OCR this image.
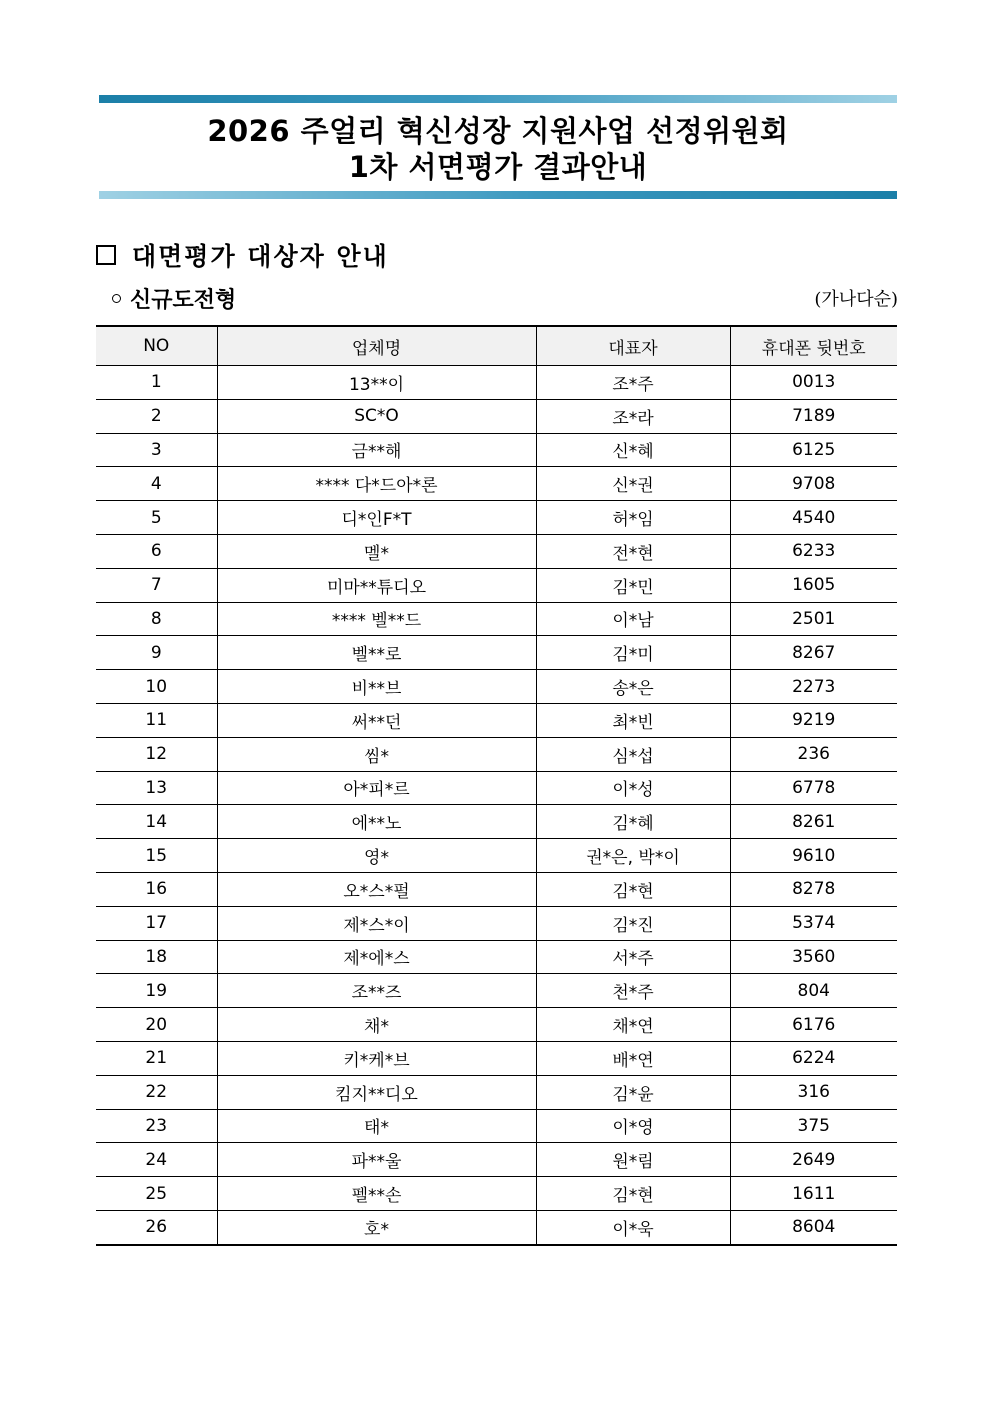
2026 주얼리 혁신성장 지원사업 선정위원회
1차 서면평가 결과안내
대면평가 대상자 안내
신규도전형	(가나다순)
NO	업체명	대표자	휴대폰 뒷번호
1	13**이	조*주	0013
2	SC*O	조*라	7189
3	금**해	신*혜	6125
4	**** 다*드아*론	신*권	9708
5	디*인F*T	허*임	4540
6	멜*	전*현	6233
7	미마**튜디오	김*민	1605
8	**** 벨**드	이*남	2501
9	벨**로	김*미	8267
10	비**브	송*은	2273
11	써**던	최*빈	9219
12	씸*	심*섭	236
13	아*피*르	이*성	6778
14	에**노	김*혜	8261
15	영*	권*은, 박*이	9610
16	오*스*펄	김*현	8278
17	제*스*이	김*진	5374
18	제*에*스	서*주	3560
19	조**즈	천*주	804
20	채*	채*연	6176
21	키*케*브	배*연	6224
22	킴지**디오	김*윤	316
23	태*	이*영	375
24	파**울	원*림	2649
25	펠**손	김*현	1611
26	호*	이*욱	8604
